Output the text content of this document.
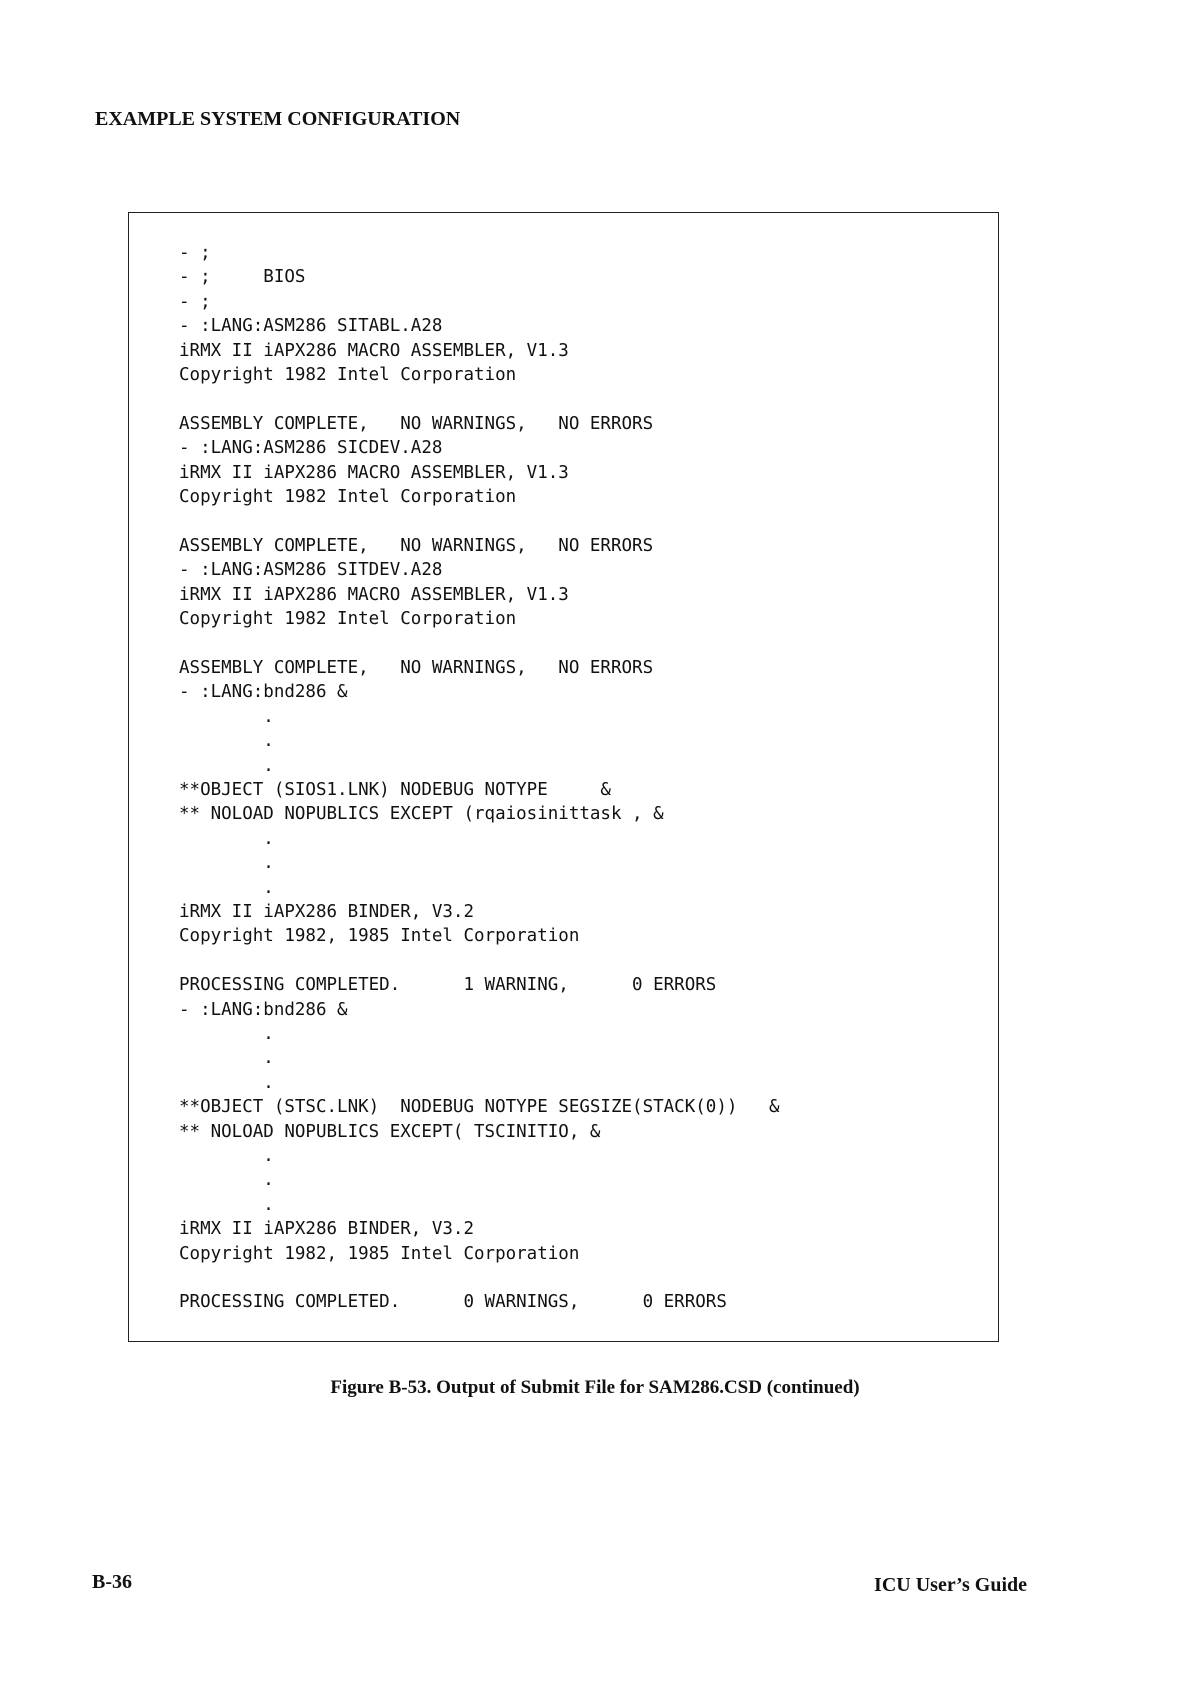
EXAMPLE SYSTEM CONFIGURATION
- ;
- ;     BIOS
- ;
- :LANG:ASM286 SITABL.A28
iRMX II iAPX286 MACRO ASSEMBLER, V1.3
Copyright 1982 Intel Corporation

ASSEMBLY COMPLETE,   NO WARNINGS,   NO ERRORS
- :LANG:ASM286 SICDEV.A28
iRMX II iAPX286 MACRO ASSEMBLER, V1.3
Copyright 1982 Intel Corporation

ASSEMBLY COMPLETE,   NO WARNINGS,   NO ERRORS
- :LANG:ASM286 SITDEV.A28
iRMX II iAPX286 MACRO ASSEMBLER, V1.3
Copyright 1982 Intel Corporation

ASSEMBLY COMPLETE,   NO WARNINGS,   NO ERRORS
- :LANG:bnd286 &
.
.
.
**OBJECT (SIOS1.LNK) NODEBUG NOTYPE     &
** NOLOAD NOPUBLICS EXCEPT (rqaiosinittask , &
.
.
.
iRMX II iAPX286 BINDER, V3.2
Copyright 1982, 1985 Intel Corporation

PROCESSING COMPLETED.      1 WARNING,      0 ERRORS
- :LANG:bnd286 &
.
.
.
**OBJECT (STSC.LNK)  NODEBUG NOTYPE SEGSIZE(STACK(0))   &
** NOLOAD NOPUBLICS EXCEPT( TSCINITIO, &
.
.
.
iRMX II iAPX286 BINDER, V3.2
Copyright 1982, 1985 Intel Corporation

PROCESSING COMPLETED.      0 WARNINGS,      0 ERRORS
Figure B-53. Output of Submit File for SAM286.CSD (continued)
B-36	ICU User’s Guide
